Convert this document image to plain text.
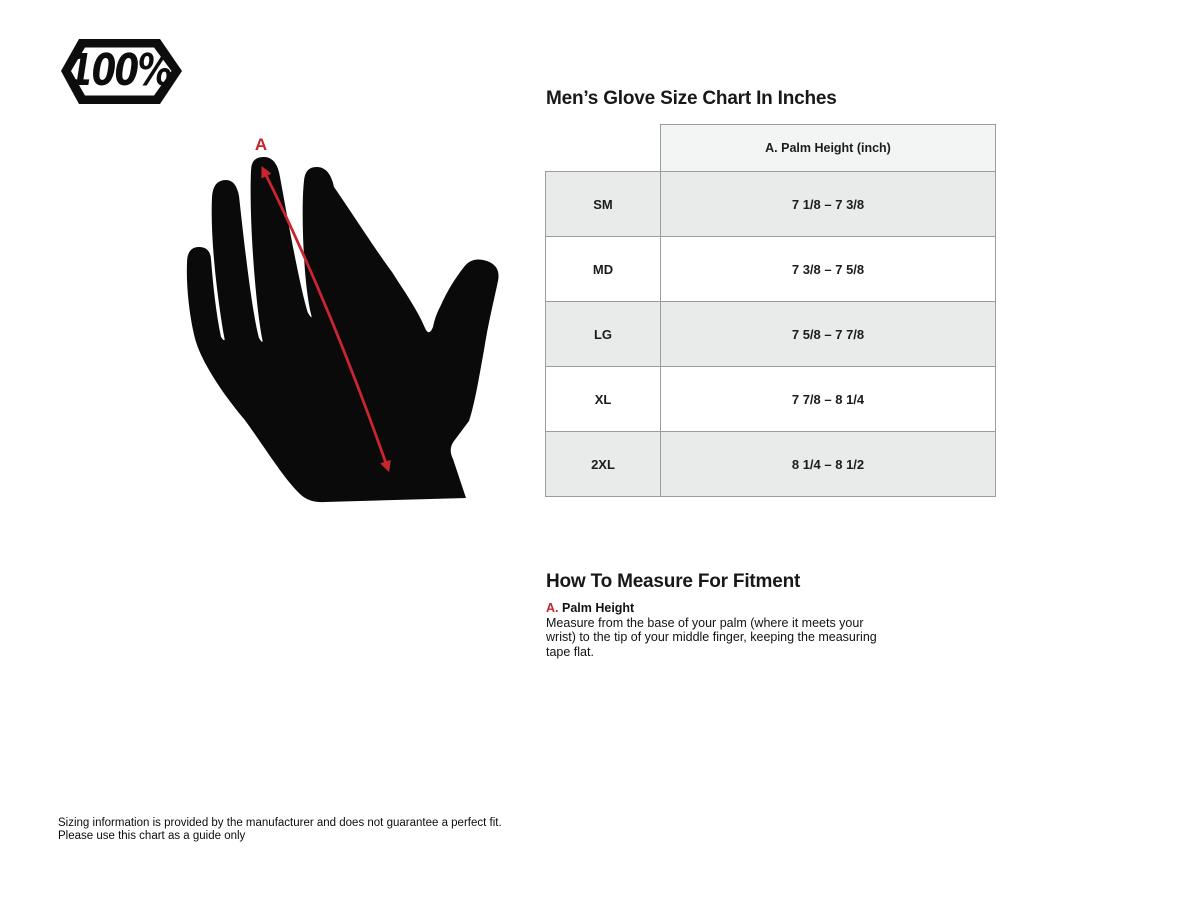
100%
A
Men’s Glove Size Chart In Inches
	A. Palm Height (inch)
SM	7 1/8 – 7 3/8
MD	7 3/8 – 7 5/8
LG	7 5/8 – 7 7/8
XL	7 7/8 – 8 1/4
2XL	8 1/4 – 8 1/2
How To Measure For Fitment
A. Palm Height

Measure from the base of your palm (where it meets your
wrist) to the tip of your middle finger, keeping the measuring
tape flat.

Sizing information is provided by the manufacturer and does not guarantee a perfect fit.
Please use this chart as a guide only
